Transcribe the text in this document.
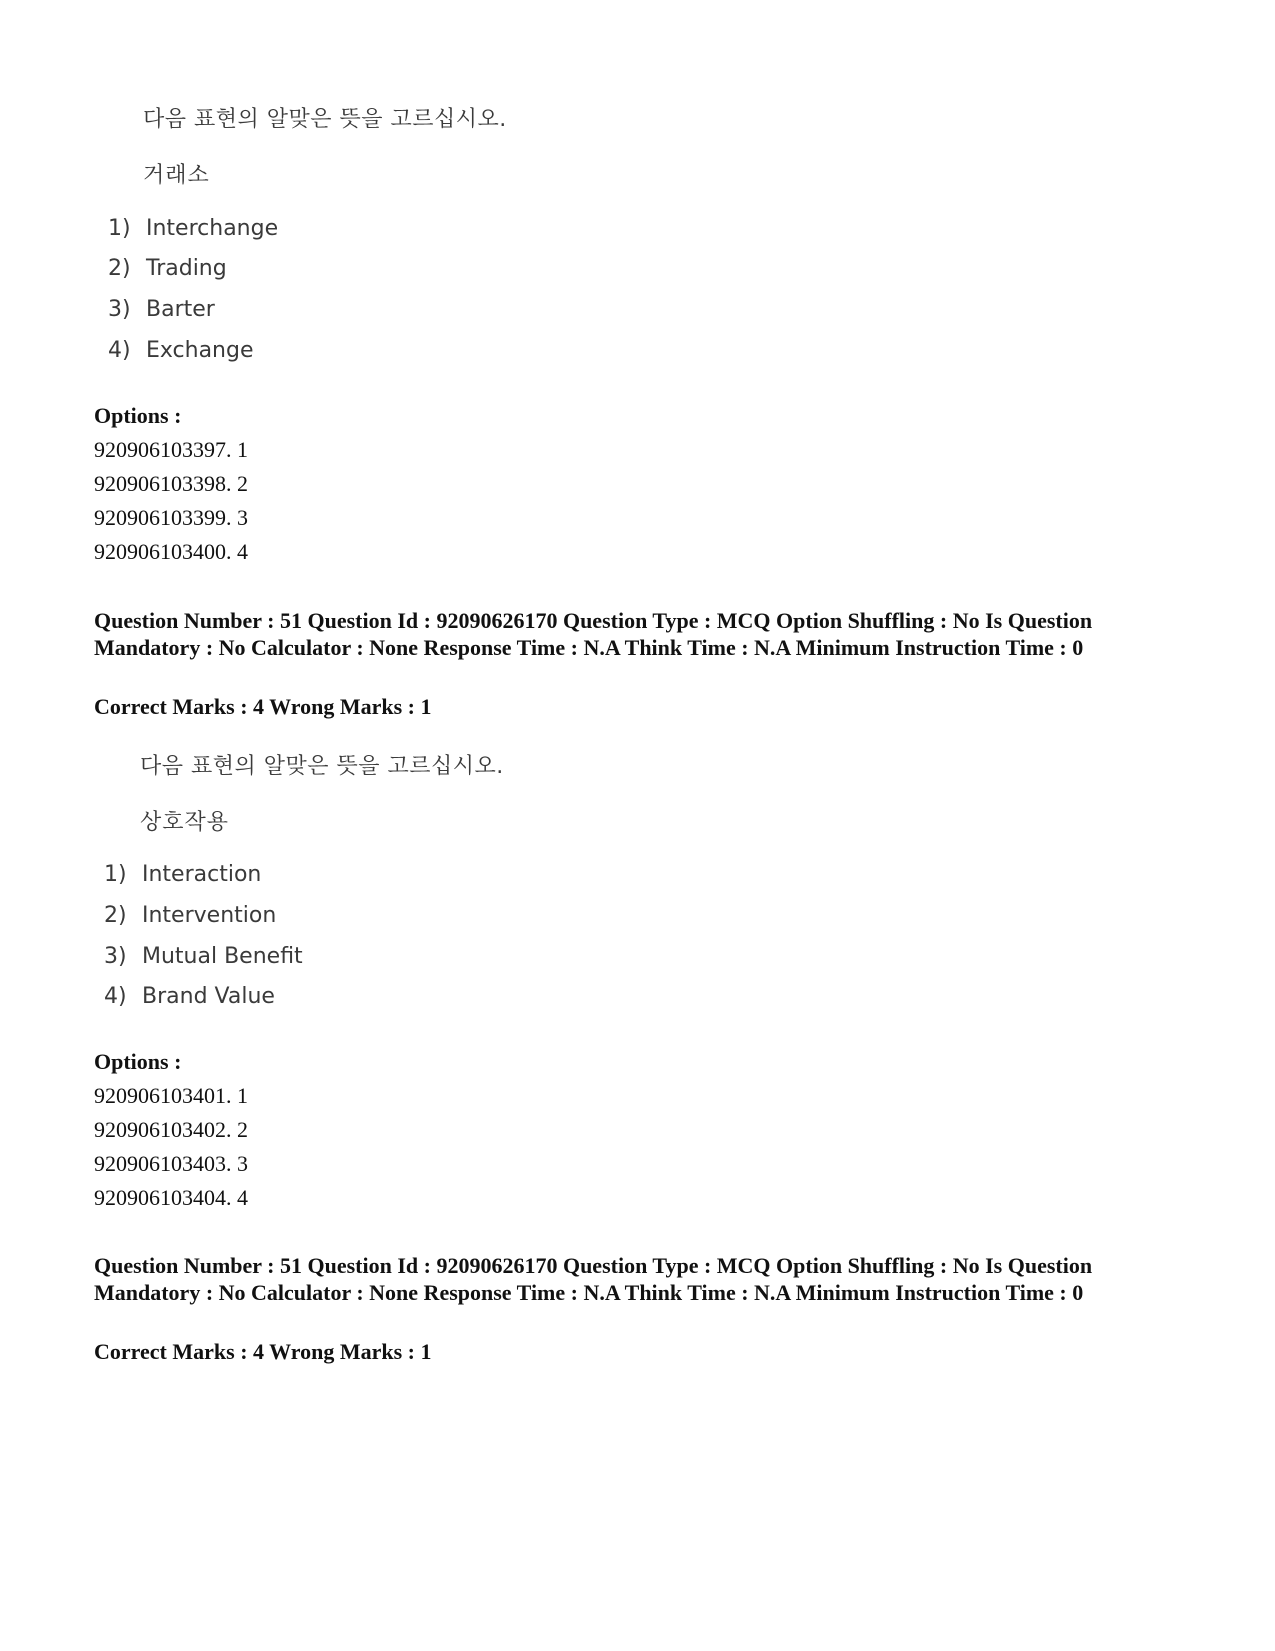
다음 표현의 알맞은 뜻을 고르십시오.
거래소
1) Interchange
2) Trading
3) Barter
4) Exchange
Options :
920906103397. 1
920906103398. 2
920906103399. 3
920906103400. 4
Question Number : 51 Question Id : 92090626170 Question Type : MCQ Option Shuffling : No Is Question Mandatory : No Calculator : None Response Time : N.A Think Time : N.A Minimum Instruction Time : 0
Correct Marks : 4 Wrong Marks : 1
다음 표현의 알맞은 뜻을 고르십시오.
상호작용
1) Interaction
2) Intervention
3) Mutual Benefit
4) Brand Value
Options :
920906103401. 1
920906103402. 2
920906103403. 3
920906103404. 4
Question Number : 51 Question Id : 92090626170 Question Type : MCQ Option Shuffling : No Is Question Mandatory : No Calculator : None Response Time : N.A Think Time : N.A Minimum Instruction Time : 0
Correct Marks : 4 Wrong Marks : 1
